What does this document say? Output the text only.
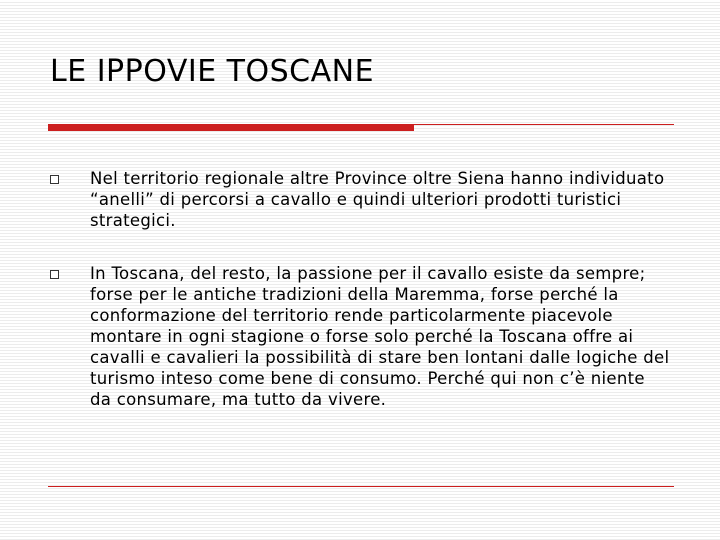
LE IPPOVIE TOSCANE
Nel territorio regionale altre Province oltre Siena hanno individuato “anelli” di percorsi a cavallo e quindi ulteriori prodotti turistici strategici.
In Toscana, del resto, la passione per il cavallo esiste da sempre; forse per le antiche tradizioni della Maremma, forse perché la conformazione del territorio rende particolarmente piacevole montare in ogni stagione o forse solo perché la Toscana offre ai cavalli e cavalieri la possibilità di stare ben lontani dalle logiche del turismo inteso come bene di consumo. Perché qui non c’è niente da consumare, ma tutto da vivere.
